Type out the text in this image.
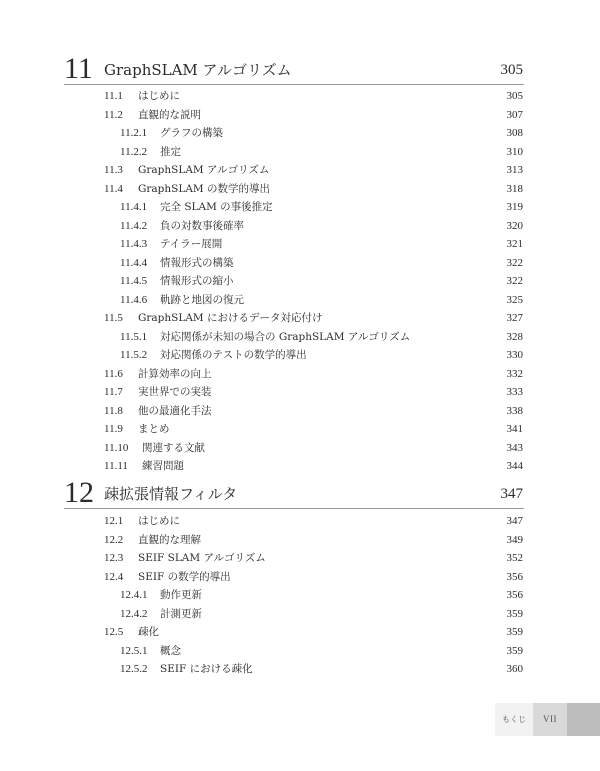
11 GraphSLAM アルゴリズム	305
11.1 はじめに	305
11.2 直観的な説明	307
11.2.1 グラフの構築	308
11.2.2 推定	310
11.3 GraphSLAM アルゴリズム	313
11.4 GraphSLAM の数学的導出	318
11.4.1 完全 SLAM の事後推定	319
11.4.2 負の対数事後確率	320
11.4.3 テイラー展開	321
11.4.4 情報形式の構築	322
11.4.5 情報形式の縮小	322
11.4.6 軌跡と地図の復元	325
11.5 GraphSLAM におけるデータ対応付け	327
11.5.1 対応関係が未知の場合の GraphSLAM アルゴリズム	328
11.5.2 対応関係のテストの数学的導出	330
11.6 計算効率の向上	332
11.7 実世界での実装	333
11.8 他の最適化手法	338
11.9 まとめ	341
11.10 関連する文献	343
11.11 練習問題	344
12 疎拡張情報フィルタ	347
12.1 はじめに	347
12.2 直観的な理解	349
12.3 SEIF SLAM アルゴリズム	352
12.4 SEIF の数学的導出	356
12.4.1 動作更新	356
12.4.2 計測更新	359
12.5 疎化	359
12.5.1 概念	359
12.5.2 SEIF における疎化	360
もくじ	VII
